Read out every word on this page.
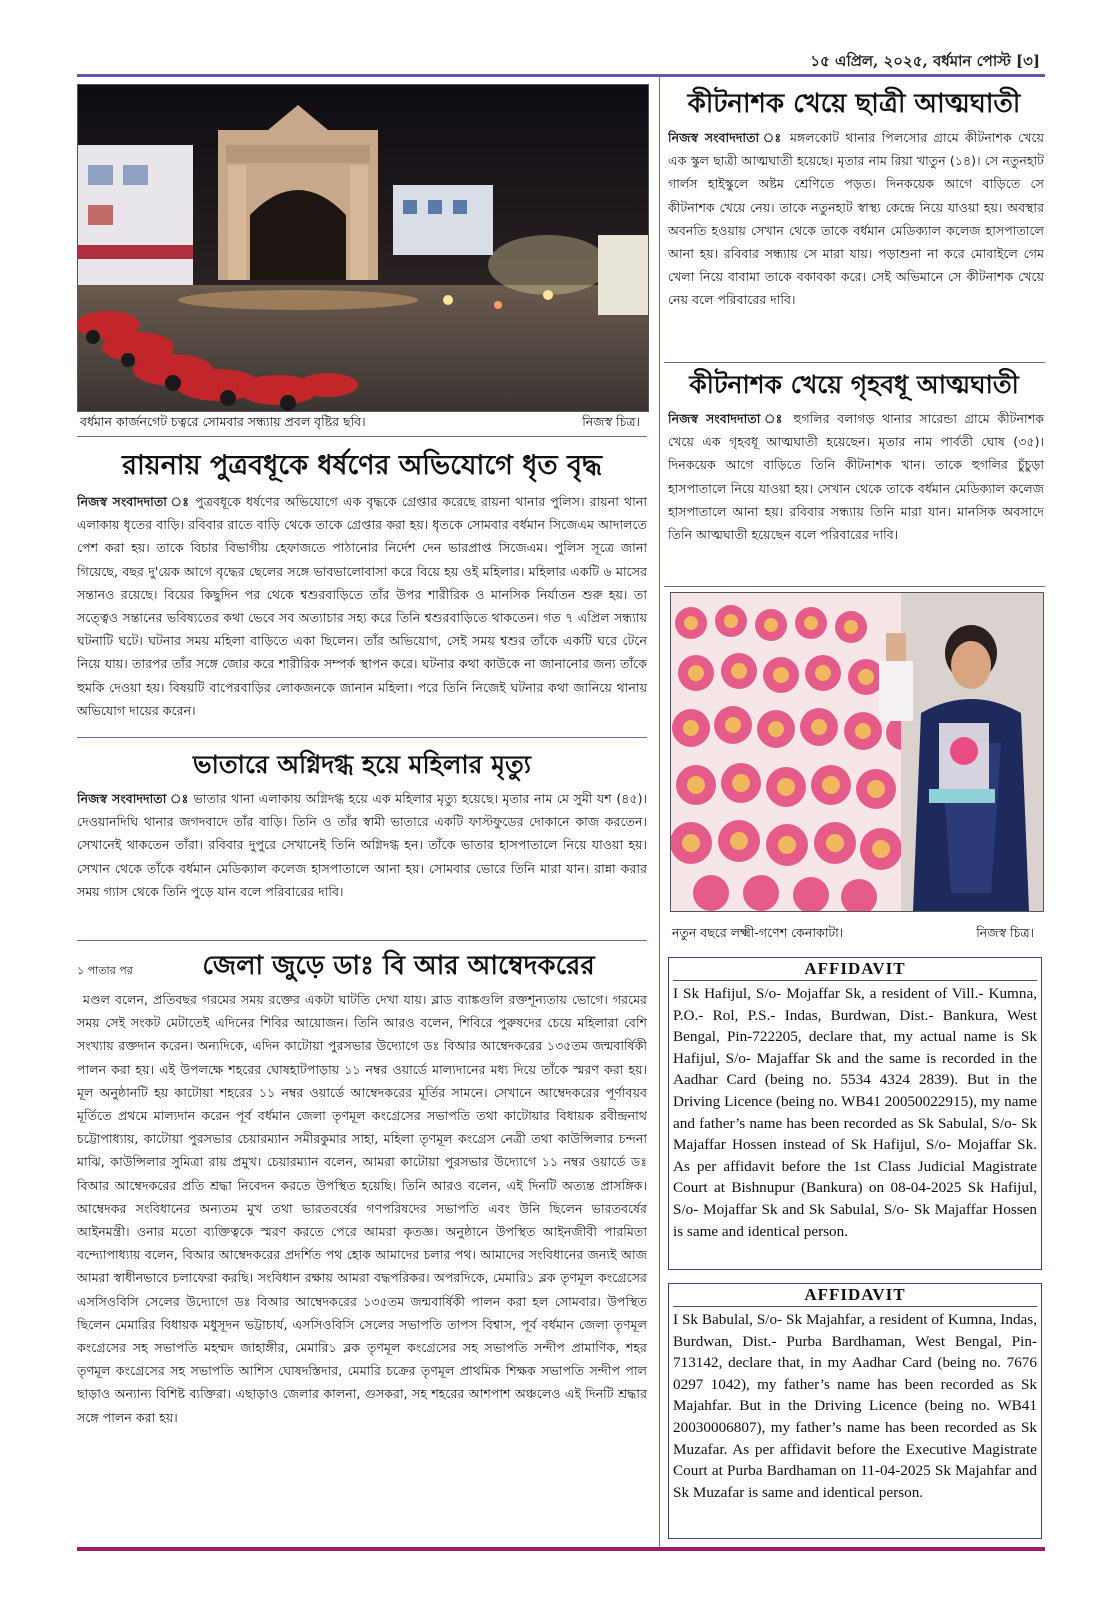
১৫ এপ্রিল, ২০২৫, বর্ধমান পোস্ট [৩]
বর্ধমান কার্জনগেট চত্বরে সোমবার সন্ধ্যায় প্রবল বৃষ্টির ছবি।	নিজস্ব চিত্র।
রায়নায় পুত্রবধূকে ধর্ষণের অভিযোগে ধৃত বৃদ্ধ
নিজস্ব সংবাদদাতা ঃ পুত্রবধূকে ধর্ষণের অভিযোগে এক বৃদ্ধকে গ্রেপ্তার করেছে রায়না থানার পুলিস। রায়না থানা এলাকায় ধৃতের বাড়ি। রবিবার রাতে বাড়ি থেকে তাকে গ্রেপ্তার করা হয়। ধৃতকে সোমবার বর্ধমান সিজেএম আদালতে পেশ করা হয়। তাকে বিচার বিভাগীয় হেফাজতে পাঠানোর নির্দেশ দেন ভারপ্রাপ্ত সিজেএম। পুলিস সূত্রে জানা গিয়েছে, বছর দু'য়েক আগে বৃদ্ধের ছেলের সঙ্গে ভাবভালোবাসা করে বিয়ে হয় ওই মহিলার। মহিলার একটি ৬ মাসের সন্তানও রয়েছে। বিয়ের কিছুদিন পর থেকে শ্বশুরবাড়িতে তাঁর উপর শারীরিক ও মানসিক নির্যাতন শুরু হয়। তা সত্ত্বেও সন্তানের ভবিষ্যতের কথা ভেবে সব অত্যাচার সহ্য করে তিনি শ্বশুরবাড়িতে থাকতেন। গত ৭ এপ্রিল সন্ধ্যায় ঘটনাটি ঘটে। ঘটনার সময় মহিলা বাড়িতে একা ছিলেন। তাঁর অভিযোগ, সেই সময় শ্বশুর তাঁকে একটি ঘরে টেনে নিয়ে যায়। তারপর তাঁর সঙ্গে জোর করে শারীরিক সম্পর্ক স্থাপন করে। ঘটনার কথা কাউকে না জানানোর জন্য তাঁকে হুমকি দেওয়া হয়। বিষয়টি বাপেরবাড়ির লোকজনকে জানান মহিলা। পরে তিনি নিজেই ঘটনার কথা জানিয়ে থানায় অভিযোগ দায়ের করেন।
ভাতারে অগ্নিদগ্ধ হয়ে মহিলার মৃত্যু
নিজস্ব সংবাদদাতা ঃ ভাতার থানা এলাকায় অগ্নিদগ্ধ হয়ে এক মহিলার মৃত্যু হয়েছে। মৃতার নাম মে সুমী যশ (৪৫)। দেওয়ানদিঘি থানার জগদবাদে তাঁর বাড়ি। তিনি ও তাঁর স্বামী ভাতারে একটি ফাস্টফুডের দোকানে কাজ করতেন। সেখানেই থাকতেন তাঁরা। রবিবার দুপুরে সেখানেই তিনি অগ্নিদগ্ধ হন। তাঁকে ভাতার হাসপাতালে নিয়ে যাওয়া হয়। সেখান থেকে তাঁকে বর্ধমান মেডিক্যাল কলেজ হাসপাতালে আনা হয়। সোমবার ভোরে তিনি মারা যান। রান্না করার সময় গ্যাস থেকে তিনি পুড়ে যান বলে পরিবারের দাবি।
১ পাতার পর	জেলা জুড়ে ডাঃ বি আর আম্বেদকরের
মণ্ডল বলেন, প্রতিবছর গরমের সময় রক্তের একটা ঘাটতি দেখা যায়। ব্লাড ব্যাঙ্কগুলি রক্তশূন্যতায় ভোগে। গরমের সময় সেই সংকট মেটাতেই এদিনের শিবির আয়োজন। তিনি আরও বলেন, শিবিরে পুরুষদের চেয়ে মহিলারা বেশি সংখ্যায় রক্তদান করেন। অন্যদিকে, এদিন কাটোয়া পুরসভার উদ্যোগে ডঃ বিআর আম্বেদকরের ১৩৫তম জন্মবার্ষিকী পালন করা হয়। এই উপলক্ষে শহরের ঘোষহাটপাড়ায় ১১ নম্বর ওয়ার্ডে মাল্যদানের মধ্য দিয়ে তাঁকে স্মরণ করা হয়। মূল অনুষ্ঠানটি হয় কাটোয়া শহরের ১১ নম্বর ওয়ার্ডে আম্বেদকরের মূর্তির সামনে। সেখানে আম্বেদকরের পূর্ণাবয়ব মূর্তিতে প্রথমে মাল্যদান করেন পূর্ব বর্ধমান জেলা তৃণমূল কংগ্রেসের সভাপতি তথা কাটোয়ার বিধায়ক রবীন্দ্রনাথ চট্টোপাধ্যায়, কাটোয়া পুরসভার চেয়ারম্যান সমীরকুমার সাহা, মহিলা তৃণমূল কংগ্রেস নেত্রী তথা কাউন্সিলার চন্দনা মাঝি, কাউন্সিলার সুমিত্রা রায় প্রমুখ। চেয়ারম্যান বলেন, আমরা কাটোয়া পুরসভার উদ্যোগে ১১ নম্বর ওয়ার্ডে ডঃ বিআর আম্বেদকরের প্রতি শ্রদ্ধা নিবেদন করতে উপস্থিত হয়েছি। তিনি আরও বলেন, এই দিনটি অত্যন্ত প্রাসঙ্গিক। আম্বেদকর সংবিধানের অন্যতম মুখ তথা ভারতবর্ষের গণপরিষদের সভাপতি এবং উনি ছিলেন ভারতবর্ষের আইনমন্ত্রী। ওনার মতো ব্যক্তিত্বকে স্মরণ করতে পেরে আমরা কৃতজ্ঞ। অনুষ্ঠানে উপস্থিত আইনজীবী পারমিতা বন্দ্যোপাধ্যায় বলেন, বিআর আম্বেদকরের প্রদর্শিত পথ হোক আমাদের চলার পথ। আমাদের সংবিধানের জন্যই আজ আমরা স্বাধীনভাবে চলাফেরা করছি। সংবিধান রক্ষায় আমরা বদ্ধপরিকর। অপরদিকে, মেমারি১ ব্লক তৃণমূল কংগ্রেসের এসসিওবিসি সেলের উদ্যোগে ডঃ বিআর আম্বেদকরের ১৩৫তম জন্মবার্ষিকী পালন করা হল সোমবার। উপস্থিত ছিলেন মেমারির বিধায়ক মধুসূদন ভট্টাচার্য, এসসিওবিসি সেলের সভাপতি তাপস বিশ্বাস, পূর্ব বর্ধমান জেলা তৃণমূল কংগ্রেসের সহ সভাপতি মহম্মদ জাহাঙ্গীর, মেমারি১ ব্লক তৃণমূল কংগ্রেসের সহ সভাপতি সন্দীপ প্রামাণিক, শহর তৃণমূল কংগ্রেসের সহ সভাপতি আশিস ঘোষদস্তিদার, মেমারি চক্রের তৃণমূল প্রাথমিক শিক্ষক সভাপতি সন্দীপ পাল ছাড়াও অন্যান্য বিশিষ্ট ব্যক্তিরা। এছাড়াও জেলার কালনা, গুসকরা, সহ শহরের আশপাশ অঞ্চলেও এই দিনটি শ্রদ্ধার সঙ্গে পালন করা হয়।
কীটনাশক খেয়ে ছাত্রী আত্মঘাতী
নিজস্ব সংবাদদাতা ঃ মঙ্গলকোট থানার পিলসোর গ্রামে কীটনাশক খেয়ে এক স্কুল ছাত্রী আত্মঘাতী হয়েছে। মৃতার নাম রিয়া খাতুন (১৪)। সে নতুনহাট গার্লস হাইস্কুলে অষ্টম শ্রেণিতে পড়ত। দিনকয়েক আগে বাড়িতে সে কীটনাশক খেয়ে নেয়। তাকে নতুনহাট স্বাস্থ্য কেন্দ্রে নিয়ে যাওয়া হয়। অবস্থার অবনতি হওয়ায় সেখান থেকে তাকে বর্ধমান মেডিক্যাল কলেজ হাসপাতালে আনা হয়। রবিবার সন্ধ্যায় সে মারা যায়। পড়াশুনা না করে মোবাইলে গেম খেলা নিয়ে বাবামা তাকে বকাবকা করে। সেই অভিমানে সে কীটনাশক খেয়ে নেয় বলে পরিবারের দাবি।
কীটনাশক খেয়ে গৃহবধূ আত্মঘাতী
নিজস্ব সংবাদদাতা ঃ হুগলির বলাগড় থানার সারেন্ডা গ্রামে কীটনাশক খেয়ে এক গৃহবধূ আত্মঘাতী হয়েছেন। মৃতার নাম পার্বতী ঘোষ (৩৫)। দিনকয়েক আগে বাড়িতে তিনি কীটনাশক খান। তাকে হুগলির চুঁচুড়া হাসপাতালে নিয়ে যাওয়া হয়। সেখান থেকে তাকে বর্ধমান মেডিক্যাল কলেজ হাসপাতালে আনা হয়। রবিবার সন্ধ্যায় তিনি মারা যান। মানসিক অবসাদে তিনি আত্মঘাতী হয়েছেন বলে পরিবারের দাবি।
নতুন বছরে লক্ষ্মী-গণেশ কেনাকাটা।	নিজস্ব চিত্র।
AFFIDAVIT
I Sk Hafijul, S/o- Mojaffar Sk, a resident of Vill.- Kumna, P.O.- Rol, P.S.- Indas, Burdwan, Dist.- Bankura, West Bengal, Pin-722205, declare that, my actual name is Sk Hafijul, S/o- Majaffar Sk and the same is recorded in the Aadhar Card (being no. 5534 4324 2839). But in the Driving Licence (being no. WB41 20050022915), my name and father’s name has been recorded as Sk Sabulal, S/o- Sk Majaffar Hossen instead of Sk Hafijul, S/o- Mojaffar Sk. As per affidavit before the 1st Class Judicial Magistrate Court at Bishnupur (Bankura) on 08-04-2025 Sk Hafijul, S/o- Mojaffar Sk and Sk Sabulal, S/o- Sk Majaffar Hossen is same and identical person.
AFFIDAVIT
I Sk Babulal, S/o- Sk Majahfar, a resident of Kumna, Indas, Burdwan, Dist.- Purba Bardhaman, West Bengal, Pin-713142, declare that, in my Aadhar Card (being no. 7676 0297 1042), my father’s name has been recorded as Sk Majahfar. But in the Driving Licence (being no. WB41 20030006807), my father’s name has been recorded as Sk Muzafar. As per affidavit before the Executive Magistrate Court at Purba Bardhaman on 11-04-2025 Sk Majahfar and Sk Muzafar is same and identical person.
